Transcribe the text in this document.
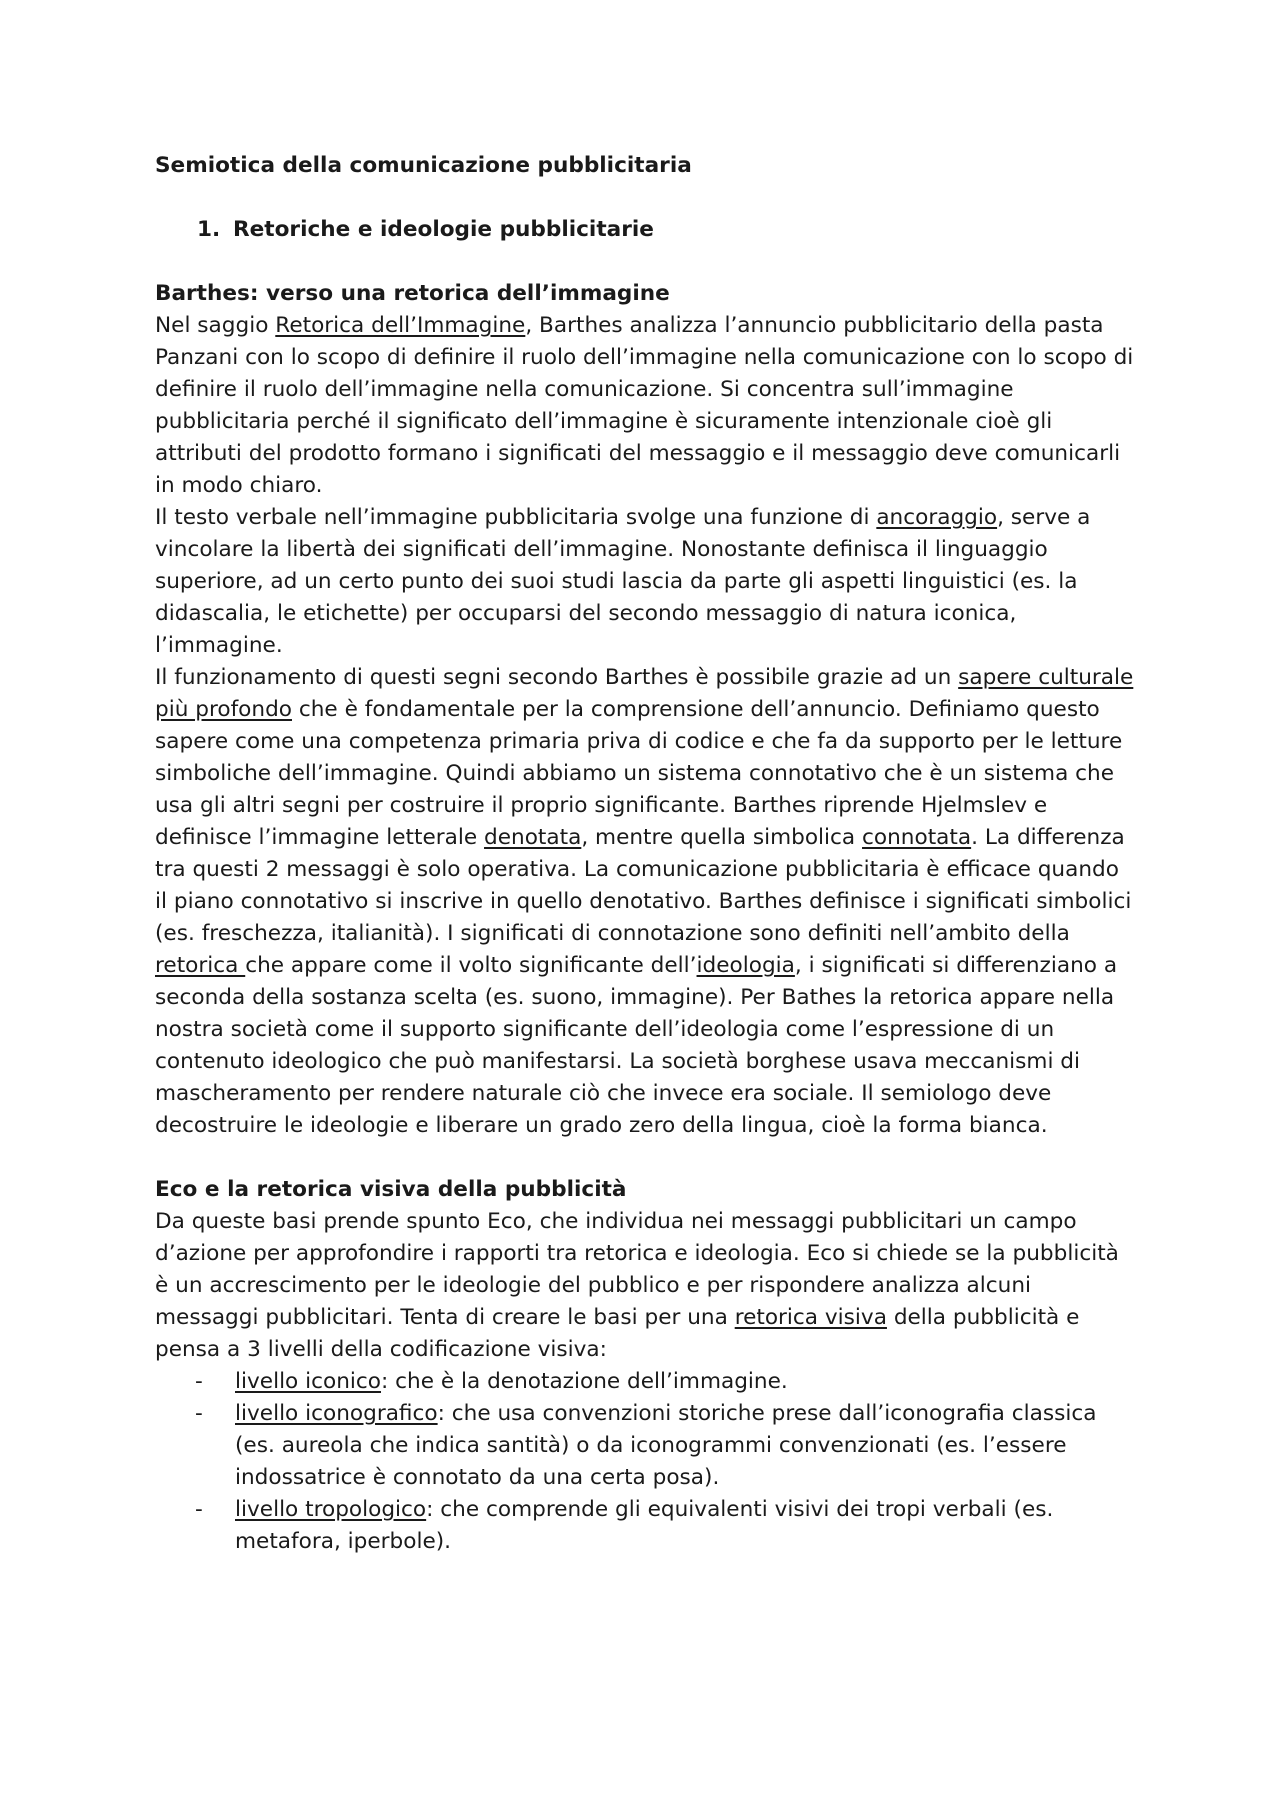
Semiotica della comunicazione pubblicitaria
1. Retoriche e ideologie pubblicitarie
Barthes: verso una retorica dell’immagine

Nel saggio Retorica dell’Immagine, Barthes analizza l’annuncio pubblicitario della pasta Panzani con lo scopo di definire il ruolo dell’immagine nella comunicazione con lo scopo di definire il ruolo dell’immagine nella comunicazione. Si concentra sull’immagine pubblicitaria perché il significato dell’immagine è sicuramente intenzionale cioè gli attributi del prodotto formano i significati del messaggio e il messaggio deve comunicarli in modo chiaro.

Il testo verbale nell’immagine pubblicitaria svolge una funzione di ancoraggio, serve a vincolare la libertà dei significati dell’immagine. Nonostante definisca il linguaggio superiore, ad un certo punto dei suoi studi lascia da parte gli aspetti linguistici (es. la didascalia, le etichette) per occuparsi del secondo messaggio di natura iconica, l’immagine.

Il funzionamento di questi segni secondo Barthes è possibile grazie ad un sapere culturale più profondo che è fondamentale per la comprensione dell’annuncio. Definiamo questo sapere come una competenza primaria priva di codice e che fa da supporto per le letture simboliche dell’immagine. Quindi abbiamo un sistema connotativo che è un sistema che usa gli altri segni per costruire il proprio significante. Barthes riprende Hjelmslev e definisce l’immagine letterale denotata, mentre quella simbolica connotata. La differenza tra questi 2 messaggi è solo operativa. La comunicazione pubblicitaria è efficace quando il piano connotativo si inscrive in quello denotativo. Barthes definisce i significati simbolici (es. freschezza, italianità). I significati di connotazione sono definiti nell’ambito della retorica che appare come il volto significante dell’ideologia, i significati si differenziano a seconda della sostanza scelta (es. suono, immagine). Per Bathes la retorica appare nella nostra società come il supporto significante dell’ideologia come l’espressione di un contenuto ideologico che può manifestarsi. La società borghese usava meccanismi di mascheramento per rendere naturale ciò che invece era sociale. Il semiologo deve decostruire le ideologie e liberare un grado zero della lingua, cioè la forma bianca.

Eco e la retorica visiva della pubblicità

Da queste basi prende spunto Eco, che individua nei messaggi pubblicitari un campo d’azione per approfondire i rapporti tra retorica e ideologia. Eco si chiede se la pubblicità è un accrescimento per le ideologie del pubblico e per rispondere analizza alcuni messaggi pubblicitari. Tenta di creare le basi per una retorica visiva della pubblicità e pensa a 3 livelli della codificazione visiva:

-	livello iconico: che è la denotazione dell’immagine.
-	livello iconografico: che usa convenzioni storiche prese dall’iconografia classica (es. aureola che indica santità) o da iconogrammi convenzionati (es. l’essere indossatrice è connotato da una certa posa).
-	livello tropologico: che comprende gli equivalenti visivi dei tropi verbali (es. metafora, iperbole).
